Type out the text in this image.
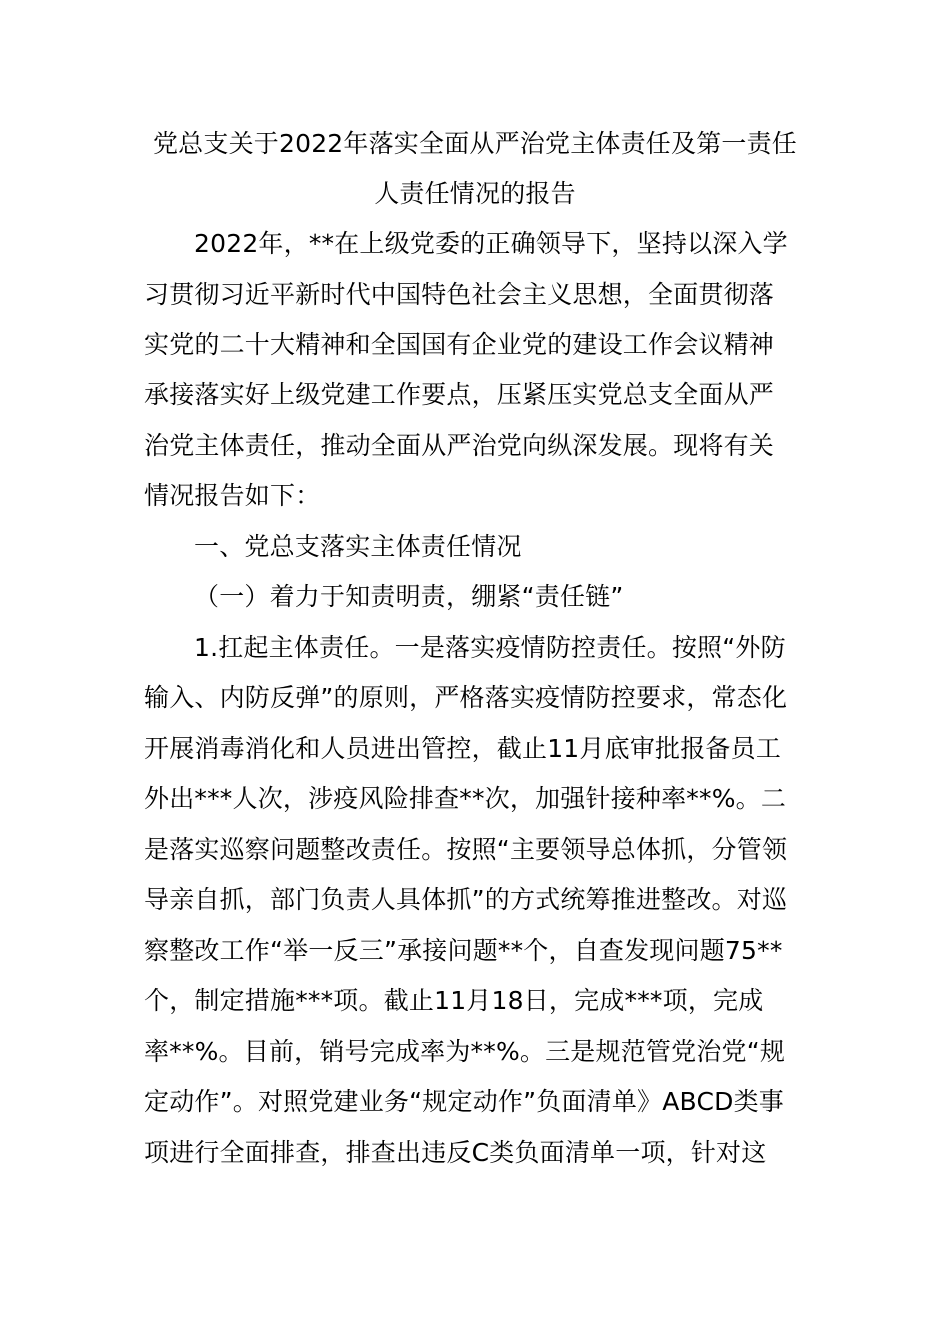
党总支关于2022年落实全面从严治党主体责任及第一责任
人责任情况的报告
2022年，**在上级党委的正确领导下，坚持以深入学
习贯彻习近平新时代中国特色社会主义思想，全面贯彻落
实党的二十大精神和全国国有企业党的建设工作会议精神
承接落实好上级党建工作要点，压紧压实党总支全面从严
治党主体责任，推动全面从严治党向纵深发展。现将有关
情况报告如下：
一、党总支落实主体责任情况
（一）着力于知责明责，绷紧“责任链”
1.扛起主体责任。一是落实疫情防控责任。按照“外防
输入、内防反弹”的原则，严格落实疫情防控要求，常态化
开展消毒消化和人员进出管控，截止11月底审批报备员工
外出***人次，涉疫风险排查**次，加强针接种率**%。二
是落实巡察问题整改责任。按照“主要领导总体抓，分管领
导亲自抓，部门负责人具体抓”的方式统筹推进整改。对巡
察整改工作“举一反三”承接问题**个，自查发现问题75**
个，制定措施***项。截止11月18日，完成***项，完成
率**%。目前，销号完成率为**%。三是规范管党治党“规
定动作”。对照党建业务“规定动作”负面清单》ABCD类事
项进行全面排查，排查出违反C类负面清单一项，针对这
